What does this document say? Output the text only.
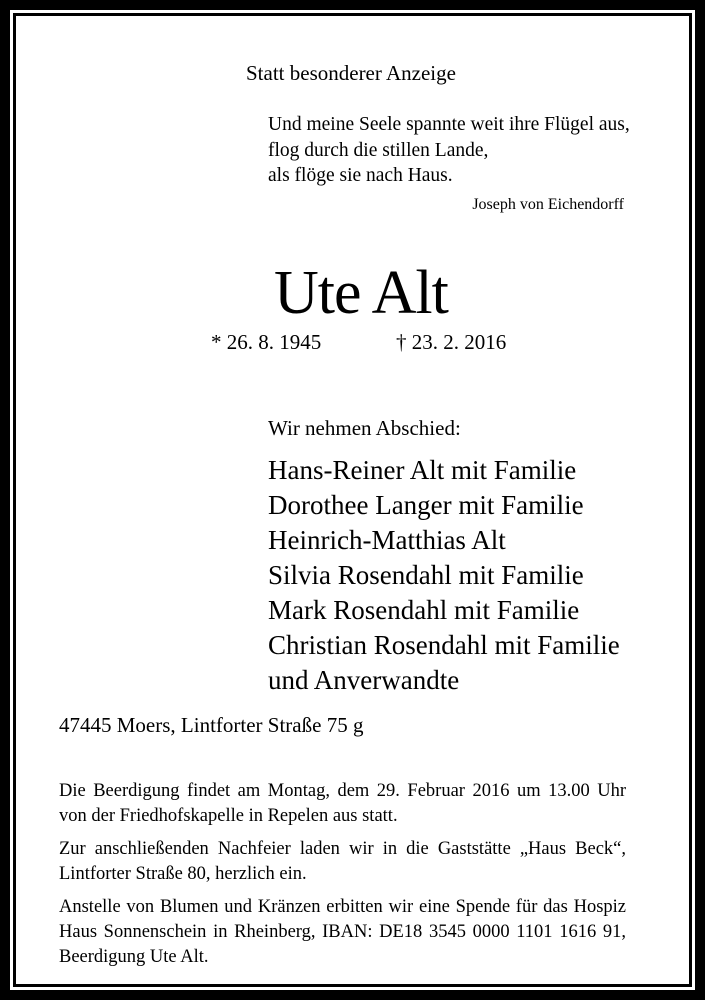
Statt besonderer Anzeige
Und meine Seele spannte weit ihre Flügel aus,
flog durch die stillen Lande,
als flöge sie nach Haus.
Joseph von Eichendorff
Ute Alt
* 26. 8. 1945	† 23. 2. 2016
Wir nehmen Abschied:
Hans-Reiner Alt mit Familie
Dorothee Langer mit Familie
Heinrich-Matthias Alt
Silvia Rosendahl mit Familie
Mark Rosendahl mit Familie
Christian Rosendahl mit Familie
und Anverwandte
47445 Moers, Lintforter Straße 75 g

Die Beerdigung findet am Montag, dem 29. Februar 2016 um 13.00 Uhr von der Friedhofskapelle in Repelen aus statt.

Zur anschließenden Nachfeier laden wir in die Gaststätte „Haus Beck“, Lintforter Straße 80, herzlich ein.

Anstelle von Blumen und Kränzen erbitten wir eine Spende für das Hospiz Haus Sonnenschein in Rheinberg, IBAN: DE18 3545 0000 1101 1616 91, Beerdigung Ute Alt.
